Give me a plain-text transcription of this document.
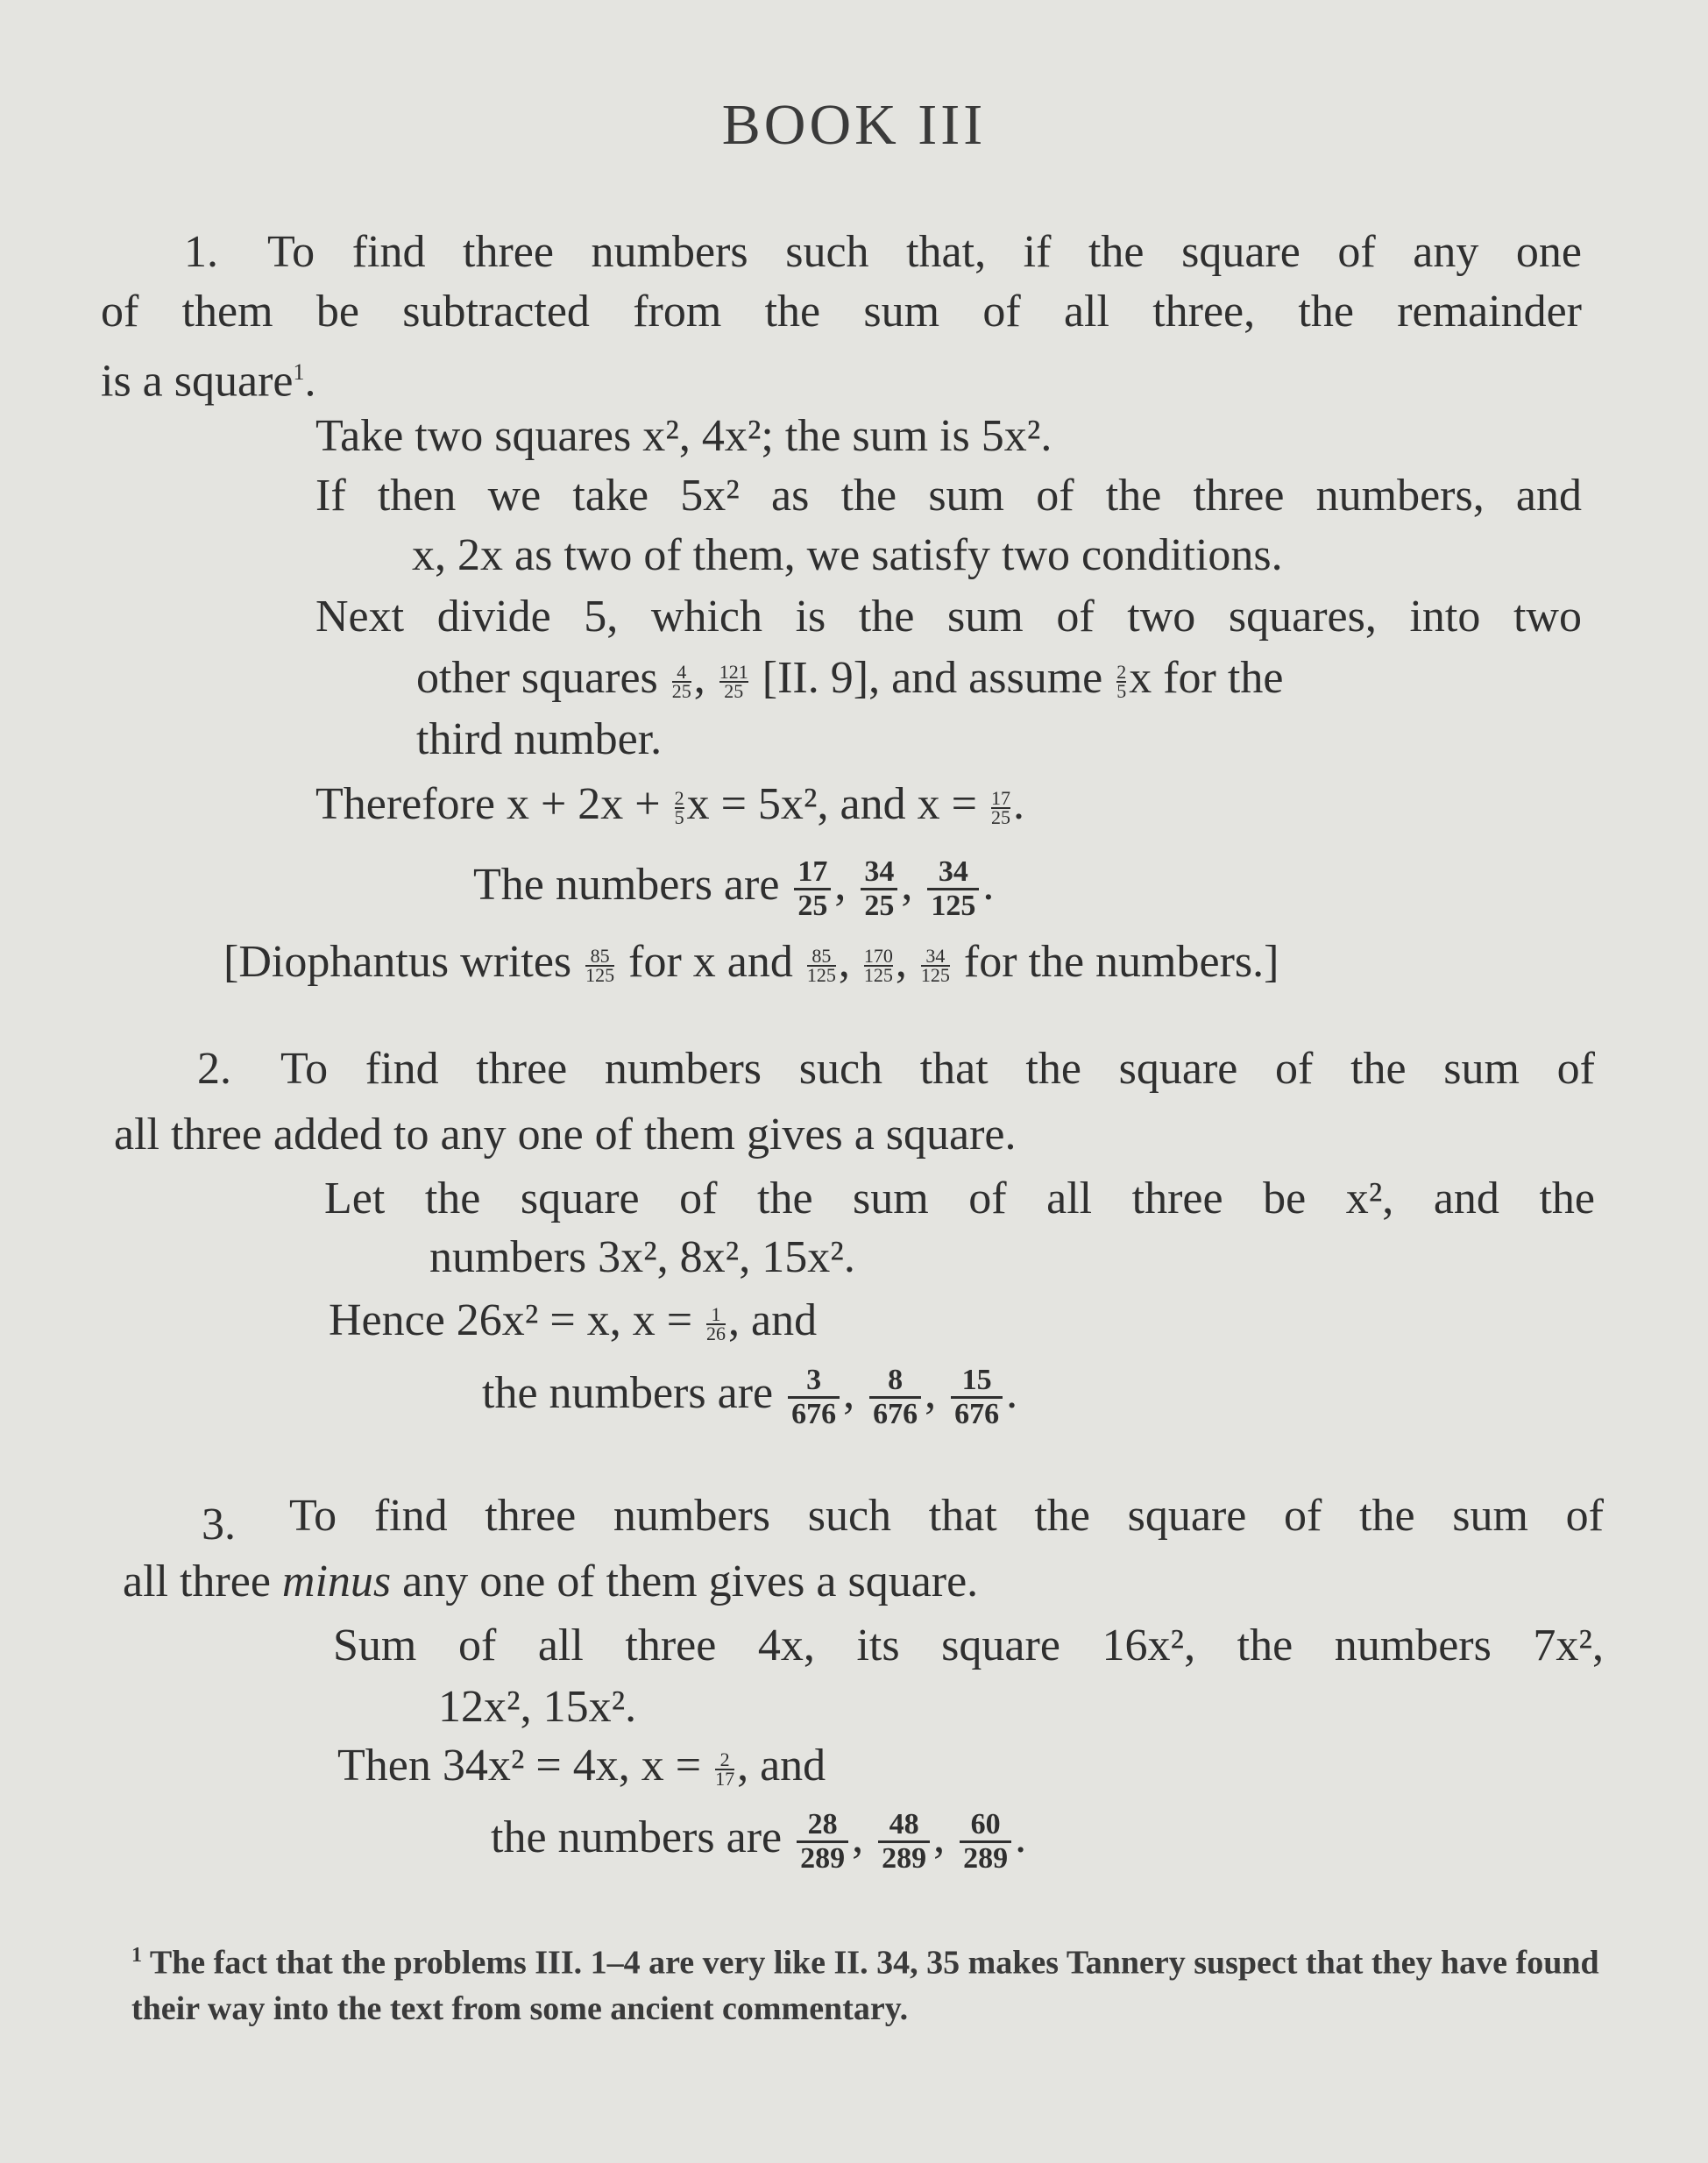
BOOK III
1. To find three numbers such that, if the square of any one
of them be subtracted from the sum of all three, the remainder
is a square$^1$.
Take two squares x², 4x²; the sum is 5x².
If then we take 5x² as the sum of the three numbers, and
x, 2x as two of them, we satisfy two conditions.
Next divide 5, which is the sum of two squares, into two
other squares $\frac{4}{25}$ , $\frac{121}{25} [II$. 9], and assume $\frac{2}{5}$ x for the
third number.
Therefore $x + 2x + \frac{2}{5}$ x = 5x², and $x = \frac{17}{25}$ .
The numbers are $\frac{17}{25}$ , $\frac{34}{25}$ , $\frac{34}{125}$ .
[Diophantus writes $\frac{85}{125}$ for x and $\frac{85}{125}$ , $\frac{170}{125}$ , $\frac{34}{125}$ for the numbers.]
2. To find three numbers such that the square of the sum of
all three added to any one of them gives a square.
Let the square of the sum of all three be x², and the
numbers 3x², 8x², 15x².
Hence 26x² = x, $x = \frac{1}{26}$ , and
the numbers are $\frac{3}{676}$ , $\frac{8}{676}$ , $\frac{15}{676}$ .
3. To find three numbers such that the square of the sum of
all three minus any one of them gives a square.
Sum of all three 4x, its square 16x², the numbers 7x²,
12x², 15x².
Then 34x² = 4x, $x = \frac{2}{17}$ , and
the numbers are $\frac{28}{289}$ , $\frac{48}{289}$ , $\frac{60}{289}$ .
$^1$ The fact that the problems III. 1–4 are very like II. 34, 35 makes Tannery suspect that they have found their way into the text from some ancient commentary.
